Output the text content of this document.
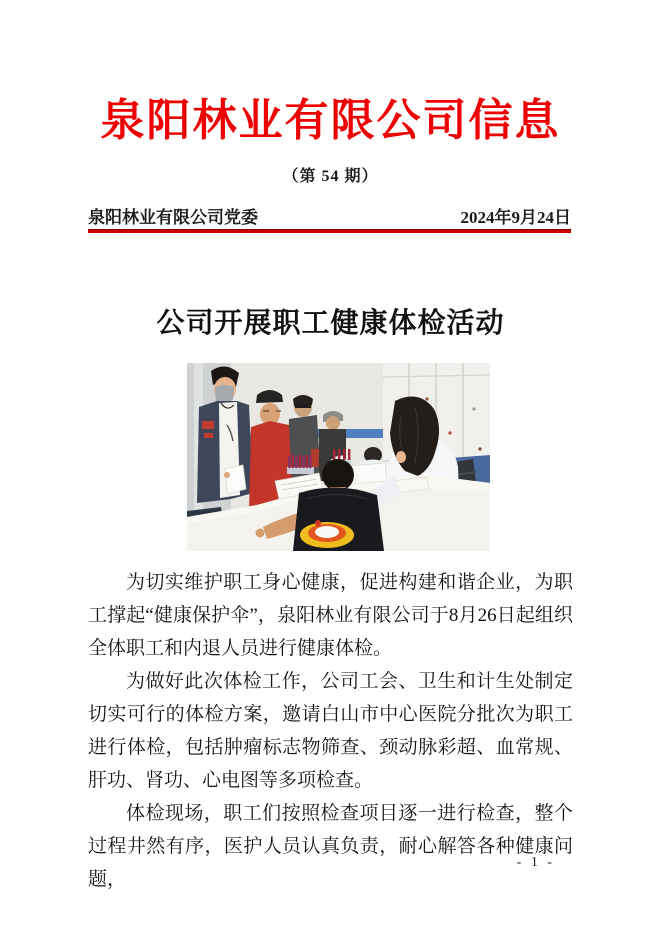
泉阳林业有限公司信息
（第 54 期）
泉阳林业有限公司党委	2024年9月24日
公司开展职工健康体检活动

为切实维护职工身心健康，促进构建和谐企业，为职工撑起“健康保护伞”，泉阳林业有限公司于8月26日起组织全体职工和内退人员进行健康体检。

为做好此次体检工作，公司工会、卫生和计生处制定切实可行的体检方案，邀请白山市中心医院分批次为职工进行体检，包括肿瘤标志物筛查、颈动脉彩超、血常规、肝功、肾功、心电图等多项检查。

体检现场，职工们按照检查项目逐一进行检查，整个过程井然有序，医护人员认真负责，耐心解答各种健康问题，

- 1 -
